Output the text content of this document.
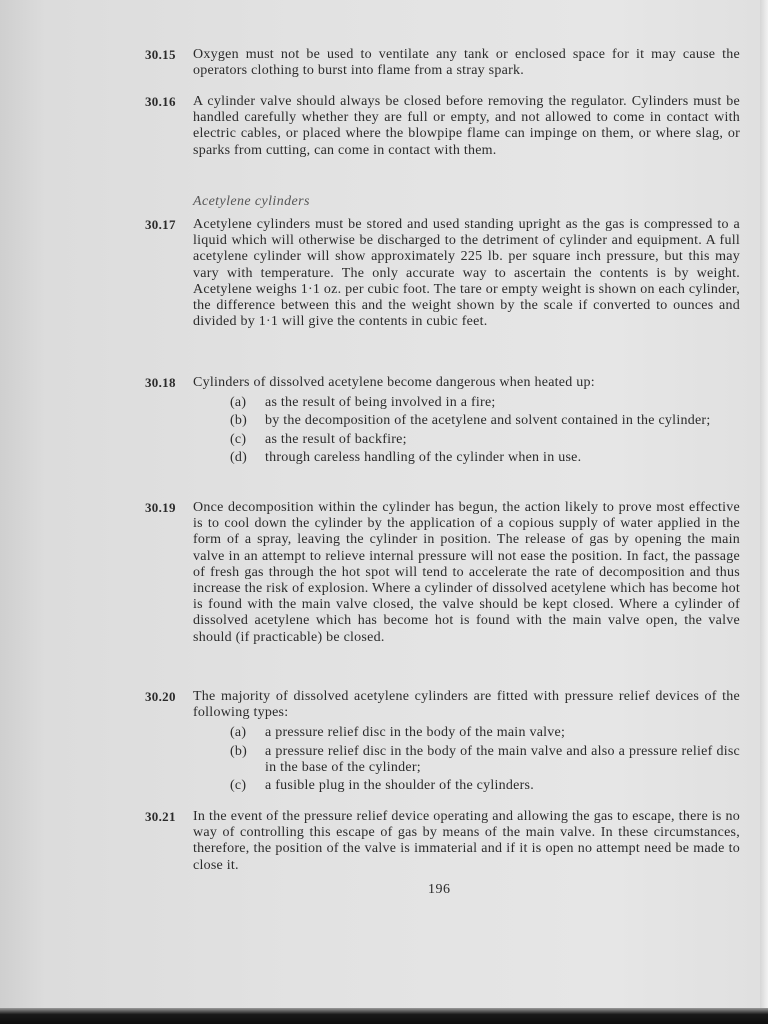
30.15 Oxygen must not be used to ventilate any tank or enclosed space for it may cause the operators clothing to burst into flame from a stray spark.
30.16 A cylinder valve should always be closed before removing the regulator. Cylinders must be handled carefully whether they are full or empty, and not allowed to come in contact with electric cables, or placed where the blowpipe flame can impinge on them, or where slag, or sparks from cutting, can come in contact with them.
Acetylene cylinders
30.17 Acetylene cylinders must be stored and used standing upright as the gas is compressed to a liquid which will otherwise be discharged to the detriment of cylinder and equipment. A full acetylene cylinder will show approximately 225 lb. per square inch pressure, but this may vary with temperature. The only accurate way to ascertain the contents is by weight. Acetylene weighs 1·1 oz. per cubic foot. The tare or empty weight is shown on each cylinder, the difference between this and the weight shown by the scale if converted to ounces and divided by 1·1 will give the contents in cubic feet.
30.18 Cylinders of dissolved acetylene become dangerous when heated up:
(a) as the result of being involved in a fire;
(b) by the decomposition of the acetylene and solvent contained in the cylinder;
(c) as the result of backfire;
(d) through careless handling of the cylinder when in use.
30.19 Once decomposition within the cylinder has begun, the action likely to prove most effective is to cool down the cylinder by the application of a copious supply of water applied in the form of a spray, leaving the cylinder in position. The release of gas by opening the main valve in an attempt to relieve internal pressure will not ease the position. In fact, the passage of fresh gas through the hot spot will tend to accelerate the rate of decomposition and thus increase the risk of explosion. Where a cylinder of dissolved acetylene which has become hot is found with the main valve closed, the valve should be kept closed. Where a cylinder of dissolved acetylene which has become hot is found with the main valve open, the valve should (if practicable) be closed.
30.20 The majority of dissolved acetylene cylinders are fitted with pressure relief devices of the following types:
(a) a pressure relief disc in the body of the main valve;
(b) a pressure relief disc in the body of the main valve and also a pressure relief disc in the base of the cylinder;
(c) a fusible plug in the shoulder of the cylinders.
30.21 In the event of the pressure relief device operating and allowing the gas to escape, there is no way of controlling this escape of gas by means of the main valve. In these circumstances, therefore, the position of the valve is immaterial and if it is open no attempt need be made to close it.
196
